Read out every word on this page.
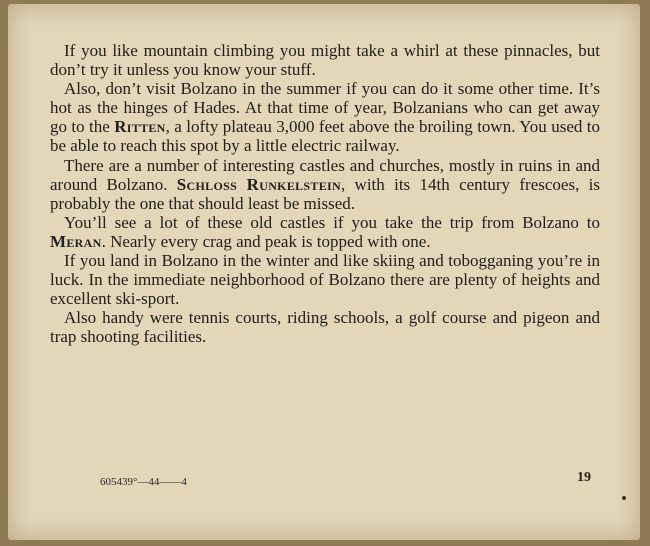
If you like mountain climbing you might take a whirl at these pinnacles, but don’t try it unless you know your stuff.

Also, don’t visit Bolzano in the summer if you can do it some other time. It’s hot as the hinges of Hades. At that time of year, Bolzanians who can get away go to the Ritten, a lofty plateau 3,000 feet above the broiling town. You used to be able to reach this spot by a little electric railway.

There are a number of interesting castles and churches, mostly in ruins in and around Bolzano. Schloss Runkelstein, with its 14th century frescoes, is probably the one that should least be missed.

You’ll see a lot of these old castles if you take the trip from Bolzano to Meran. Nearly every crag and peak is topped with one.

If you land in Bolzano in the winter and like skiing and tobogganing you’re in luck. In the immediate neighborhood of Bolzano there are plenty of heights and excellent ski-sport.

Also handy were tennis courts, riding schools, a golf course and pigeon and trap shooting facilities.

605439°—44——4	19
